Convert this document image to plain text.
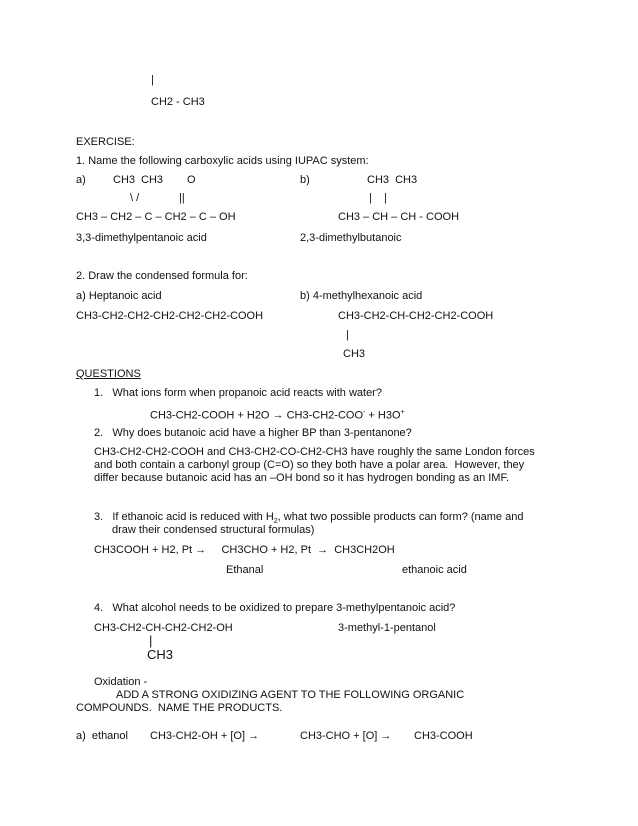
|
CH2 - CH3
EXERCISE:
1. Name the following carboxylic acids using IUPAC system:
a) CH3 CH3 O	b)	CH3  CH3
\ /	||	|    |
CH3 – CH2 – C – CH2 – C – OH	CH3 – CH – CH - COOH
3,3-dimethylpentanoic acid	2,3-dimethylbutanoic
2. Draw the condensed formula for:
a) Heptanoic acid	b) 4-methylhexanoic acid
CH3-CH2-CH2-CH2-CH2-CH2-COOH	CH3-CH2-CH-CH2-CH2-COOH
|
CH3
QUESTIONS
1.   What ions form when propanoic acid reacts with water?
CH3-CH2-COOH + H2O → CH3-CH2-COO- + H3O+
2.   Why does butanoic acid have a higher BP than 3-pentanone?
CH3-CH2-CH2-COOH and CH3-CH2-CO-CH2-CH3 have roughly the same London forces
and both contain a carbonyl group (C=O) so they both have a polar area.  However, they
differ because butanoic acid has an –OH bond so it has hydrogen bonding as an IMF.
3.   If ethanoic acid is reduced with $H_2$, what two possible products can form? (name and
draw their condensed structural formulas)
CH3COOH + H2, Pt →     CH3CHO + H2, Pt  →  CH3CH2OH
Ethanal	ethanoic acid
4.   What alcohol needs to be oxidized to prepare 3-methylpentanoic acid?
CH3-CH2-CH-CH2-CH2-OH	3-methyl-1-pentanol
|
CH3
Oxidation -
ADD A STRONG OXIDIZING AGENT TO THE FOLLOWING ORGANIC
COMPOUNDS.  NAME THE PRODUCTS.
a)  ethanol CH3-CH2-OH + [O] →	CH3-CHO + [O] → CH3-COOH
